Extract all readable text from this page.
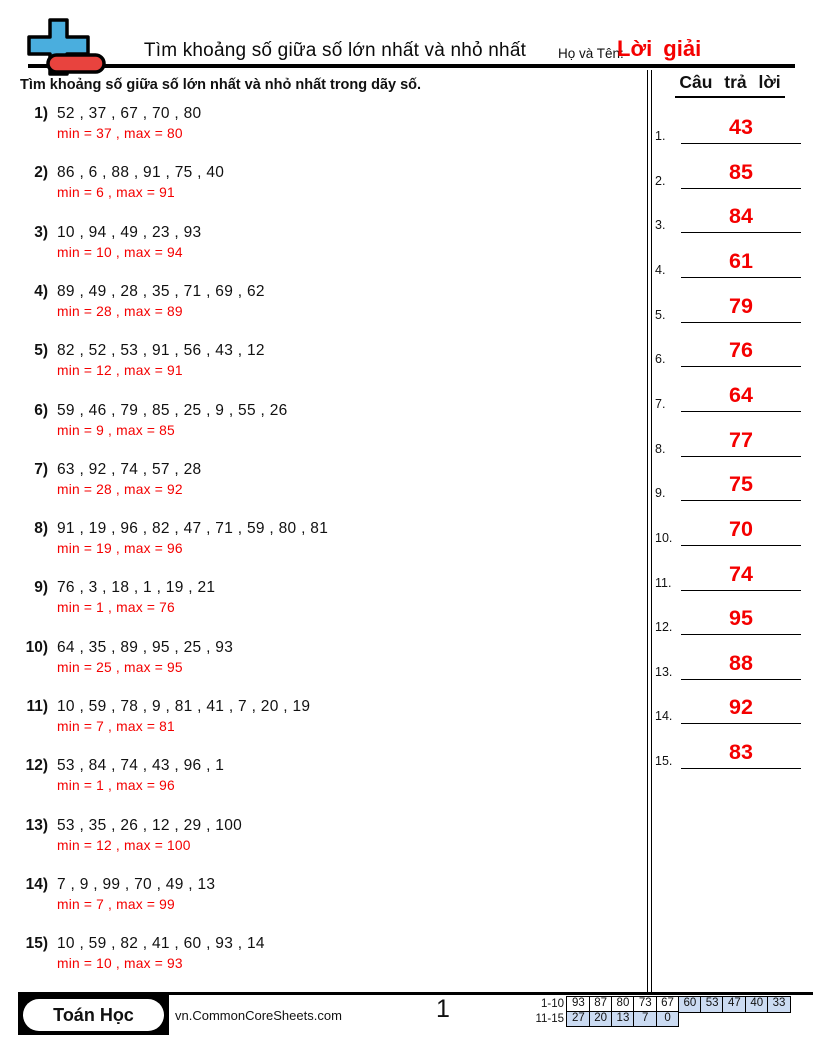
Tìm khoảng số giữa số lớn nhất và nhỏ nhất	Họ và Tên:
Lời giải
Tìm khoảng số giữa số lớn nhất và nhỏ nhất trong dãy số.	Câu trả lời
1) 52 , 37 , 67 , 70 , 80
min = 37 , max = 80
2) 86 , 6 , 88 , 91 , 75 , 40
min = 6 , max = 91
3) 10 , 94 , 49 , 23 , 93
min = 10 , max = 94
4) 89 , 49 , 28 , 35 , 71 , 69 , 62
min = 28 , max = 89
5) 82 , 52 , 53 , 91 , 56 , 43 , 12
min = 12 , max = 91
6) 59 , 46 , 79 , 85 , 25 , 9 , 55 , 26
min = 9 , max = 85
7) 63 , 92 , 74 , 57 , 28
min = 28 , max = 92
8) 91 , 19 , 96 , 82 , 47 , 71 , 59 , 80 , 81
min = 19 , max = 96
9) 76 , 3 , 18 , 1 , 19 , 21
min = 1 , max = 76
10) 64 , 35 , 89 , 95 , 25 , 93
min = 25 , max = 95
11) 10 , 59 , 78 , 9 , 81 , 41 , 7 , 20 , 19
min = 7 , max = 81
12) 53 , 84 , 74 , 43 , 96 , 1
min = 1 , max = 96
13) 53 , 35 , 26 , 12 , 29 , 100
min = 12 , max = 100
14) 7 , 9 , 99 , 70 , 49 , 13
min = 7 , max = 99
15) 10 , 59 , 82 , 41 , 60 , 93 , 14
min = 10 , max = 93
1.	43
2.	85
3.	84
4.	61
5.	79
6.	76
7.	64
8.	77
9.	75
10.	70
11.	74
12.	95
13.	88
14.	92
15.	83
Toán Học	vn.CommonCoreSheets.com	1	1-10 93 87 80 73 67 60 53 47 40 33
11-15 27 20 13	7	0
